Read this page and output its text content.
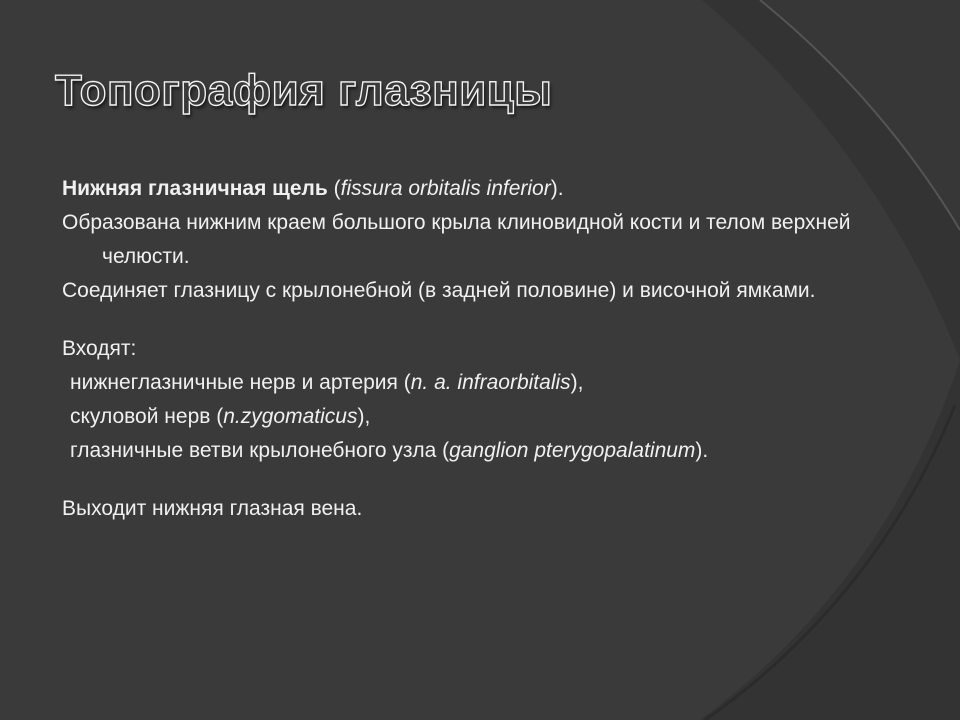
Топография глазницы

Нижняя глазничная щель (fissura orbitalis inferior).

Образована нижним краем большого крыла клиновидной кости и телом верхней челюсти.

Соединяет глазницу с крылонебной (в задней половине) и височной ямками.

Входят:

нижнеглазничные нерв и артерия (n. a. infraorbitalis),

скуловой нерв (n.zygomaticus),

глазничные ветви крылонебного узла (ganglion pterygopalatinum).

Выходит нижняя глазная вена.
